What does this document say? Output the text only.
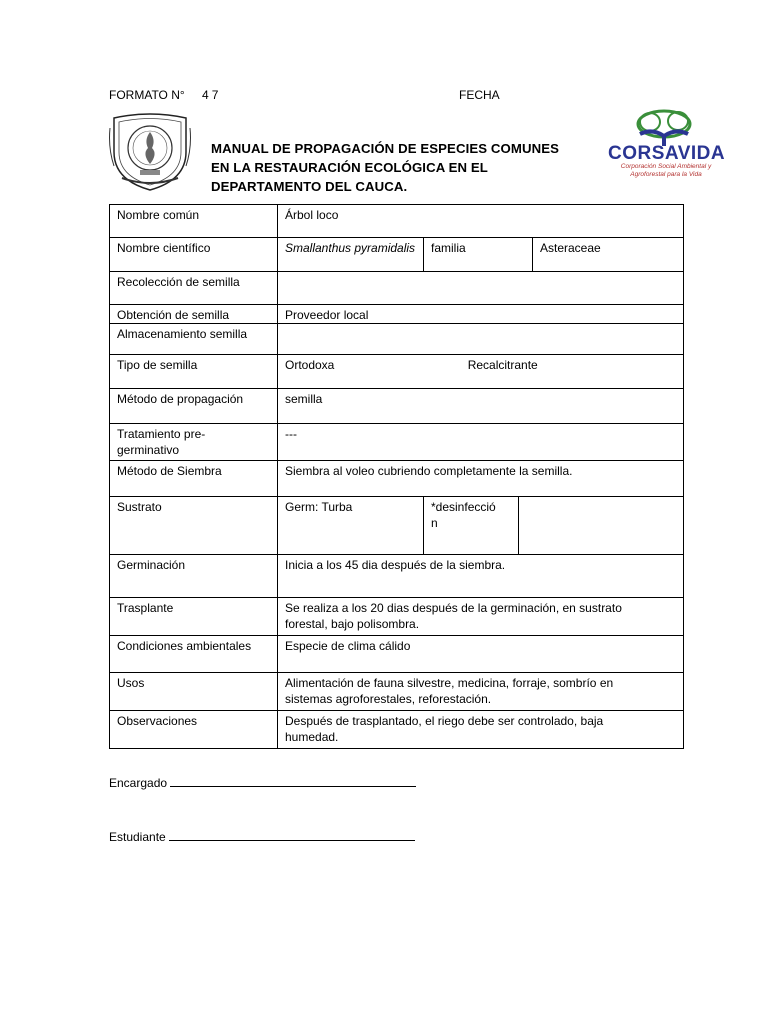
FORMATO N° 47	FECHA
MANUAL DE PROPAGACIÓN DE ESPECIES COMUNES
EN LA RESTAURACIÓN ECOLÓGICA EN EL
DEPARTAMENTO DEL CAUCA.
CORSAVIDA
Corporación Social Ambiental y
Agroforestal para la Vida
Nombre común	Árbol loco			
Nombre científico	Smallanthus pyramidalis	familia		Asteraceae
Recolección de semilla				
Obtención de semilla	Proveedor local			
Almacenamiento semilla				
Tipo de semilla	Ortodoxa Recalcitrante			
Método de propagación	semilla			

Tratamiento pre-
germinativo	---			
Método de Siembra	Siembra al voleo cubriendo completamente la semilla.			
Sustrato	Germ: Turba	*desinfecció
n		

Germinación	Inicia a los 45 dia después de la siembra.			
Trasplante	Se realiza a los 20 dias después de la germinación, en sustrato
forestal, bajo polisombra.			

Condiciones ambientales	Especie de clima cálido			
Usos	Alimentación de fauna silvestre, medicina, forraje, sombrío en
sistemas agroforestales, reforestación.			

Observaciones	Después de trasplantado, el riego debe ser controlado, baja
humedad.			
Encargado
Estudiante
